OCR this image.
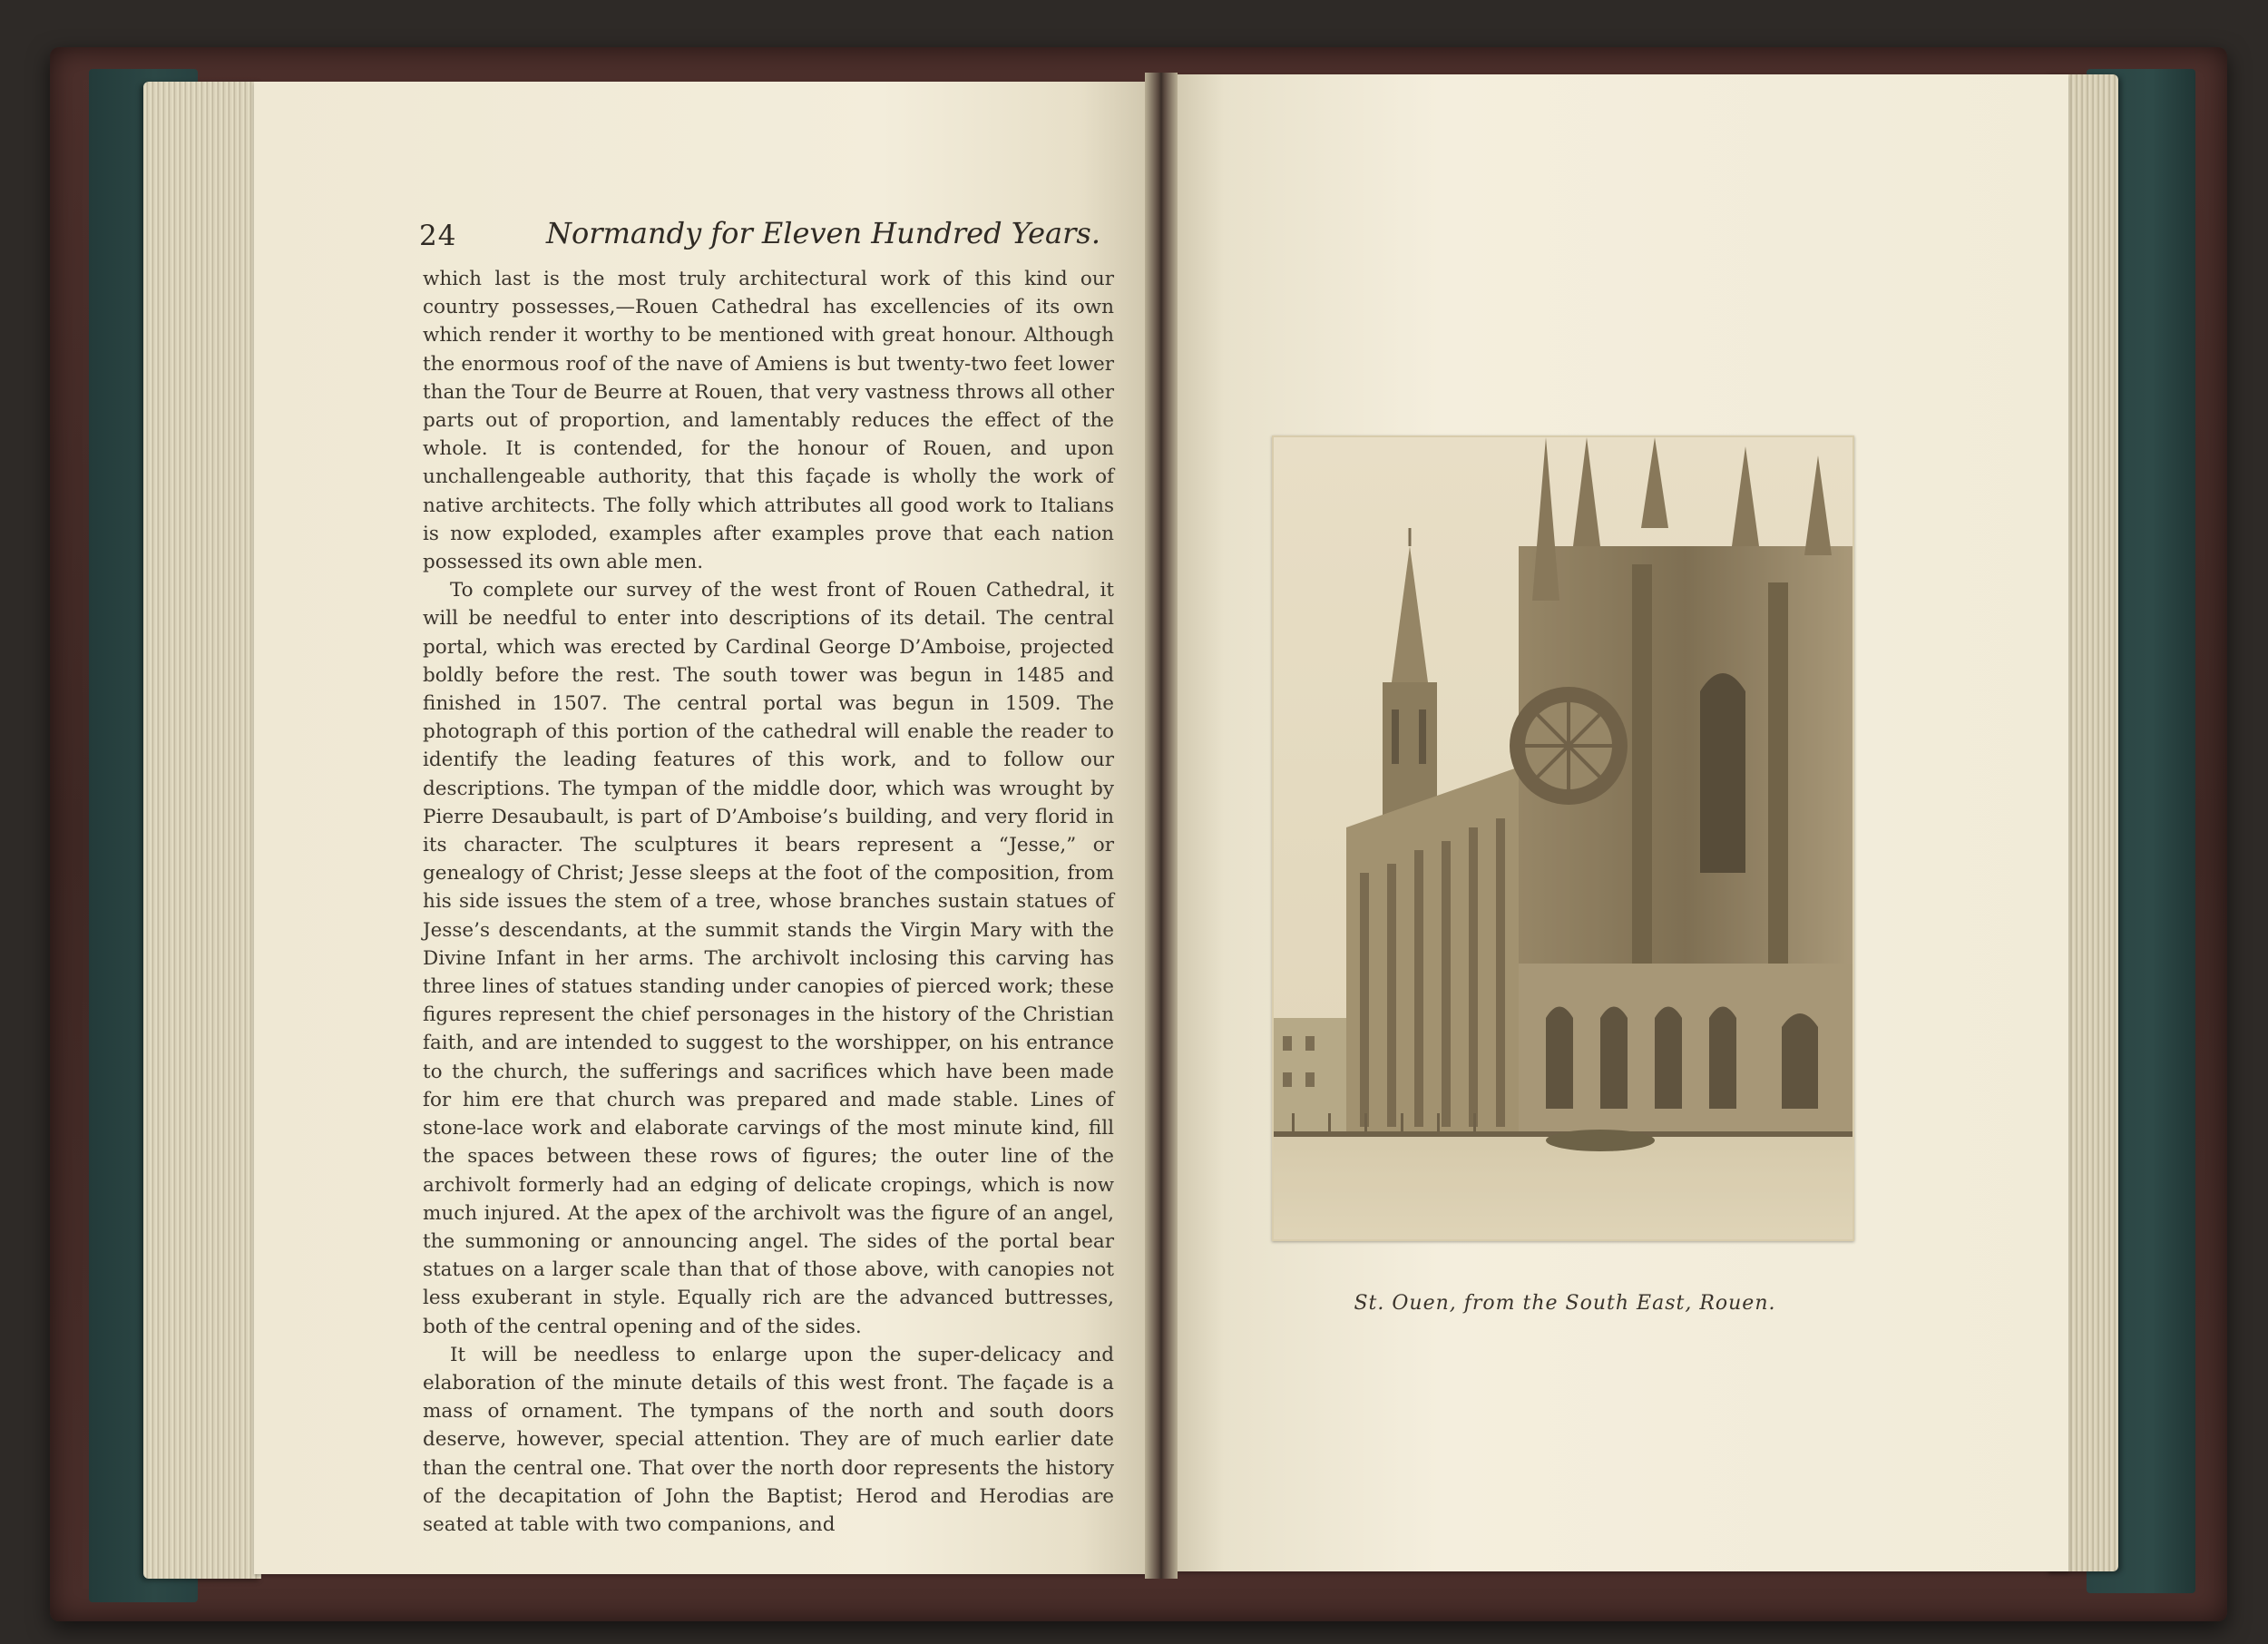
24	Normandy for Eleven Hundred Years.

which last is the most truly architectural work of this kind our country possesses,—Rouen Cathedral has excellencies of its own which render it worthy to be mentioned with great honour. Although the enormous roof of the nave of Amiens is but twenty-two feet lower than the Tour de Beurre at Rouen, that very vastness throws all other parts out of proportion, and lamentably reduces the effect of the whole. It is contended, for the honour of Rouen, and upon unchallengeable authority, that this façade is wholly the work of native architects. The folly which attributes all good work to Italians is now exploded, examples after examples prove that each nation possessed its own able men.

To complete our survey of the west front of Rouen Cathedral, it will be needful to enter into descriptions of its detail. The central portal, which was erected by Cardinal George D’Amboise, projected boldly before the rest. The south tower was begun in 1485 and finished in 1507. The central portal was begun in 1509. The photograph of this portion of the cathedral will enable the reader to identify the leading features of this work, and to follow our descriptions. The tympan of the middle door, which was wrought by Pierre Desaubault, is part of D’Amboise’s building, and very florid in its character. The sculptures it bears represent a “Jesse,” or genealogy of Christ; Jesse sleeps at the foot of the composition, from his side issues the stem of a tree, whose branches sustain statues of Jesse’s descendants, at the summit stands the Virgin Mary with the Divine Infant in her arms. The archivolt inclosing this carving has three lines of statues standing under canopies of pierced work; these figures represent the chief personages in the history of the Christian faith, and are intended to suggest to the worshipper, on his entrance to the church, the sufferings and sacrifices which have been made for him ere that church was prepared and made stable. Lines of stone-lace work and elaborate carvings of the most minute kind, fill the spaces between these rows of figures; the outer line of the archivolt formerly had an edging of delicate cropings, which is now much injured. At the apex of the archivolt was the figure of an angel, the summoning or announcing angel. The sides of the portal bear statues on a larger scale than that of those above, with canopies not less exuberant in style. Equally rich are the advanced buttresses, both of the central opening and of the sides.

It will be needless to enlarge upon the super-delicacy and elaboration of the minute details of this west front. The façade is a mass of ornament. The tympans of the north and south doors deserve, however, special attention. They are of much earlier date than the central one. That over the north door represents the history of the decapitation of John the Baptist; Herod and Herodias are seated at table with two companions, and

St. Ouen, from the South East, Rouen.
